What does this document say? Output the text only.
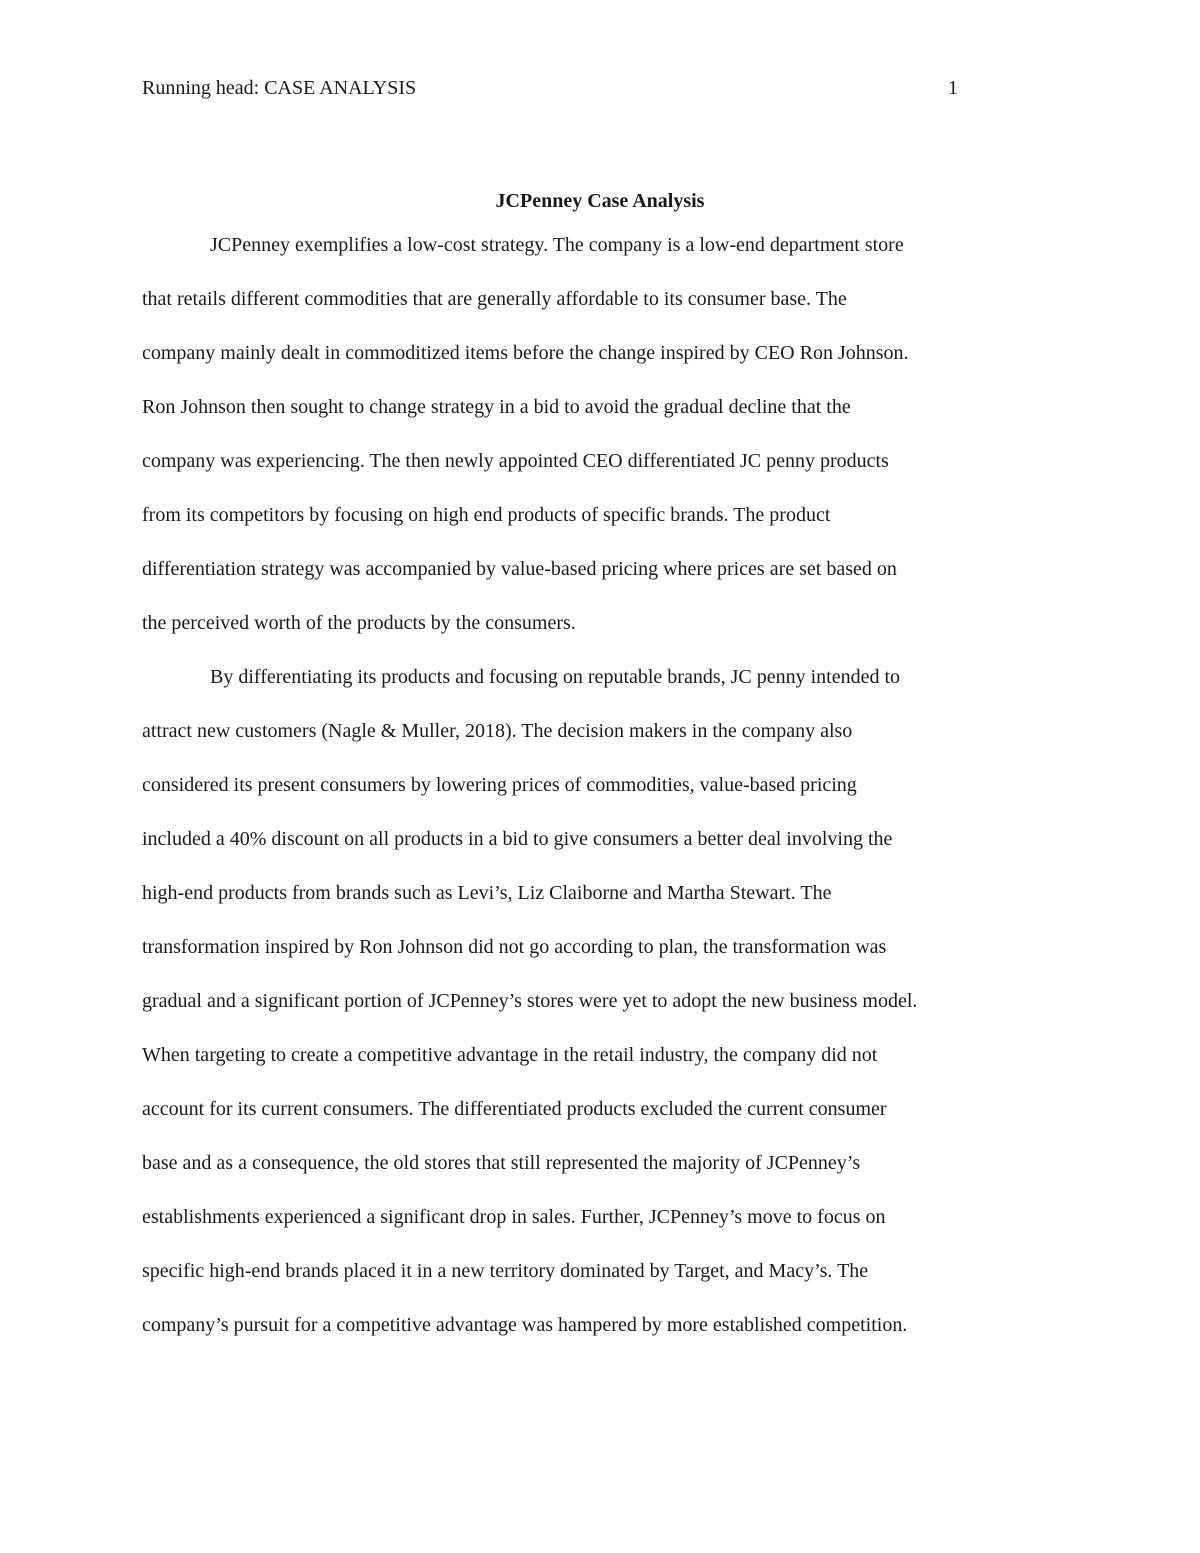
Running head: CASE ANALYSIS	1
JCPenney Case Analysis
JCPenney exemplifies a low-cost strategy. The company is a low-end department store
that retails different commodities that are generally affordable to its consumer base. The
company mainly dealt in commoditized items before the change inspired by CEO Ron Johnson.
Ron Johnson then sought to change strategy in a bid to avoid the gradual decline that the
company was experiencing. The then newly appointed CEO differentiated JC penny products
from its competitors by focusing on high end products of specific brands. The product
differentiation strategy was accompanied by value-based pricing where prices are set based on
the perceived worth of the products by the consumers.
By differentiating its products and focusing on reputable brands, JC penny intended to
attract new customers (Nagle & Muller, 2018). The decision makers in the company also
considered its present consumers by lowering prices of commodities, value-based pricing
included a 40% discount on all products in a bid to give consumers a better deal involving the
high-end products from brands such as Levi’s, Liz Claiborne and Martha Stewart. The
transformation inspired by Ron Johnson did not go according to plan, the transformation was
gradual and a significant portion of JCPenney’s stores were yet to adopt the new business model.
When targeting to create a competitive advantage in the retail industry, the company did not
account for its current consumers. The differentiated products excluded the current consumer
base and as a consequence, the old stores that still represented the majority of JCPenney’s
establishments experienced a significant drop in sales. Further, JCPenney’s move to focus on
specific high-end brands placed it in a new territory dominated by Target, and Macy’s. The
company’s pursuit for a competitive advantage was hampered by more established competition.
